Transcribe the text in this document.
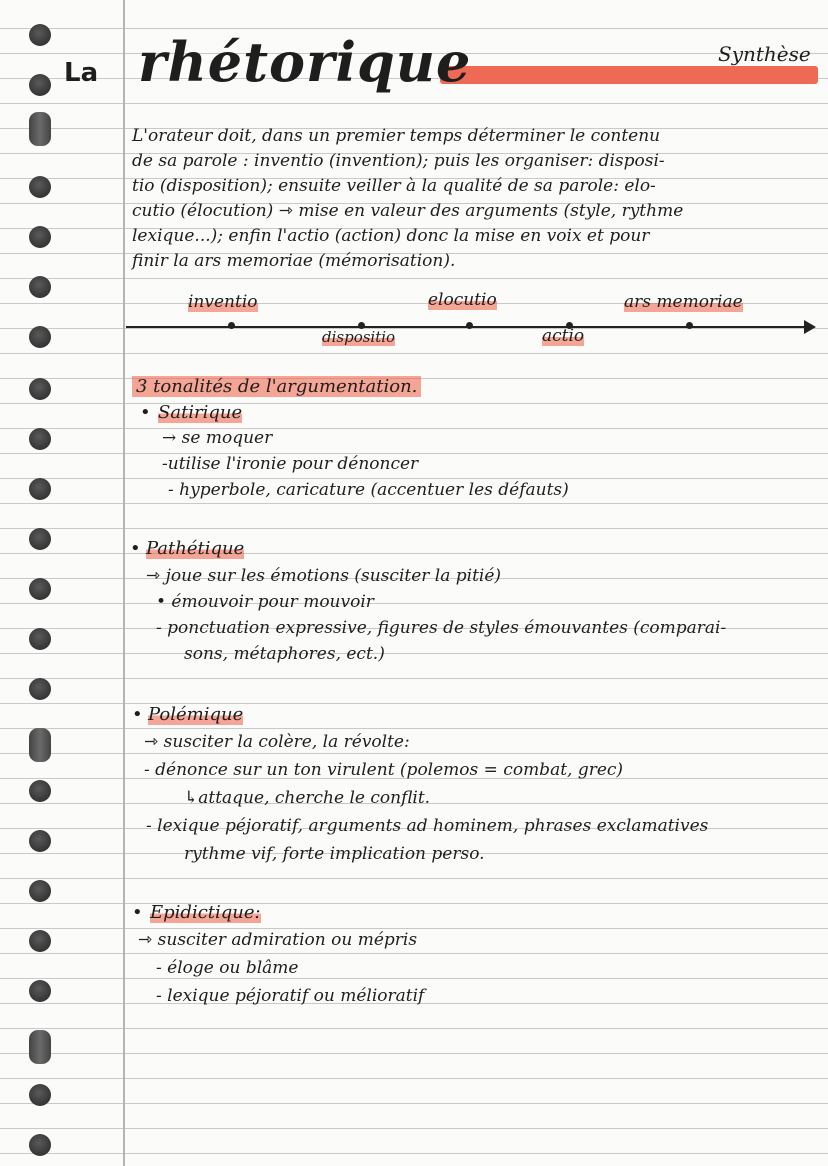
La rhétorique	Synthèse
L'orateur doit, dans un premier temps déterminer le contenu
de sa parole : inventio (invention); puis les organiser: disposi-
tio (disposition); ensuite veiller à la qualité de sa parole: elo-
cutio (élocution) ⇾ mise en valeur des arguments (style, rythme
lexique...); enfin l'actio (action) donc la mise en voix et pour
finir la ars memoriae (mémorisation).
inventio	elocutio	ars memoriae
dispositio	actio
3 tonalités de l'argumentation.
• Satirique
→ se moquer
-utilise l'ironie pour dénoncer
- hyperbole, caricature (accentuer les défauts)
• Pathétique
⇾ joue sur les émotions (susciter la pitié)
• émouvoir pour mouvoir
- ponctuation expressive, figures de styles émouvantes (comparai-
sons, métaphores, ect.)
• Polémique
⇾ susciter la colère, la révolte:
- dénonce sur un ton virulent (polemos = combat, grec)
↳attaque, cherche le conflit.
- lexique péjoratif, arguments ad hominem, phrases exclamatives
rythme vif, forte implication perso.
• Epidictique:
⇾ susciter admiration ou mépris
- éloge ou blâme
- lexique péjoratif ou mélioratif
